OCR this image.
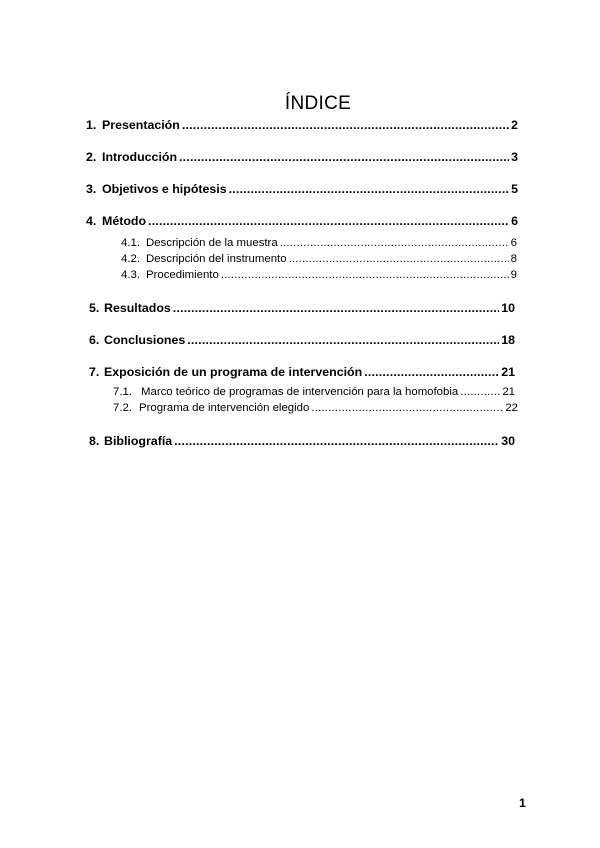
ÍNDICE
1. Presentación .....	2
2. Introducción .....	3
3. Objetivos e hipótesis .....	5
4. Método .....	6
4.1. Descripción de la muestra .....	6
4.2. Descripción del instrumento .....	8
4.3. Procedimiento .....	9
5. Resultados .....	10
6. Conclusiones .....	18
7. Exposición de un programa de intervención .....	21
7.1. Marco teórico de programas de intervención para la homofobia .....	21
7.2. Programa de intervención elegido .....	22
8. Bibliografía .....	30
1
